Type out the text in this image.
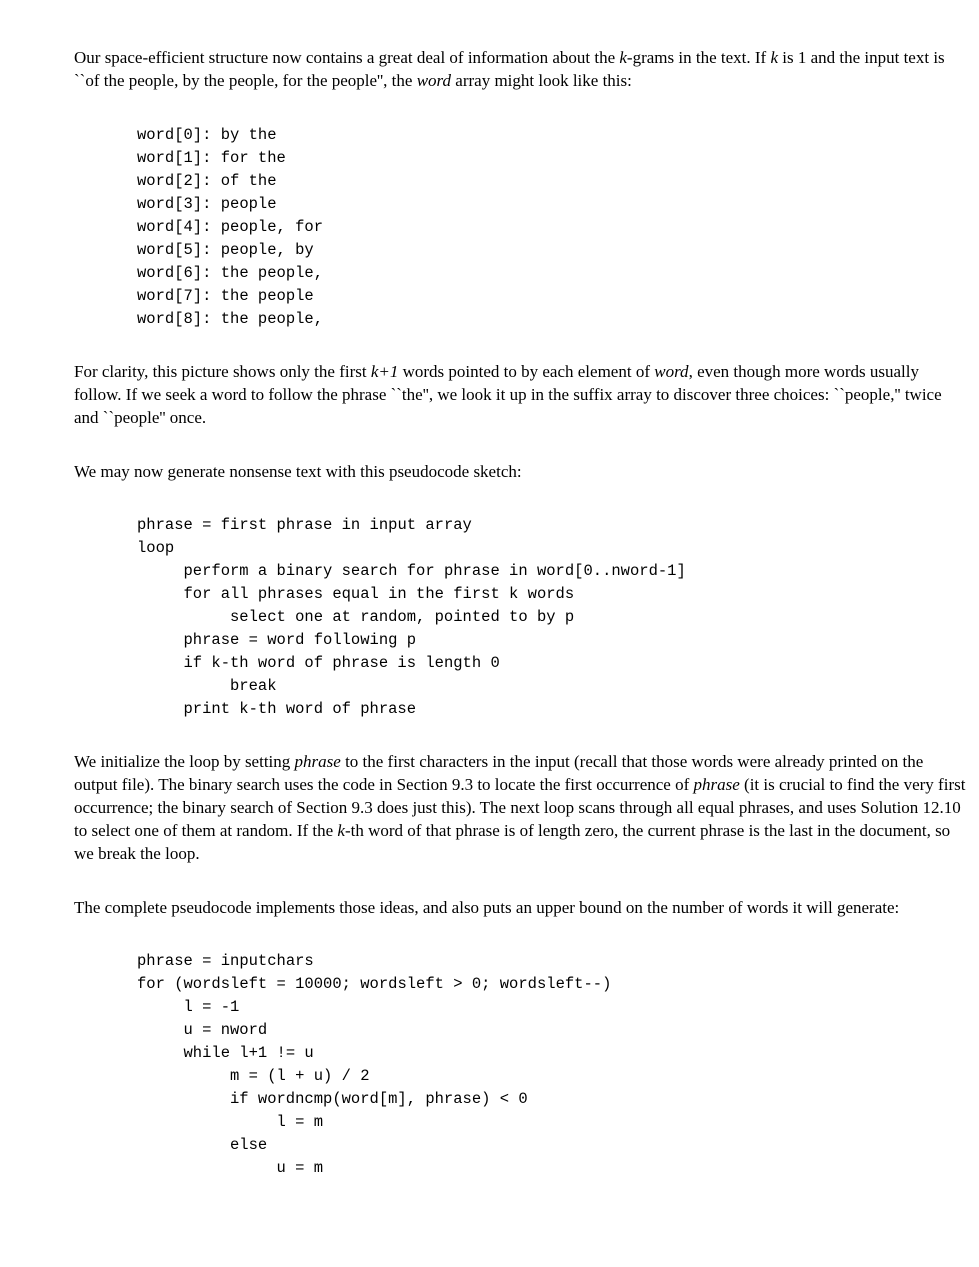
Our space-efficient structure now contains a great deal of information about the k-grams in the text. If k is 1 and the input text is ``of the people, by the people, for the people'', the word array might look like this:

word[0]: by the
word[1]: for the
word[2]: of the
word[3]: people
word[4]: people, for
word[5]: people, by
word[6]: the people,
word[7]: the people
word[8]: the people,

For clarity, this picture shows only the first k+1 words pointed to by each element of word, even though more words usually follow. If we seek a word to follow the phrase ``the'', we look it up in the suffix array to discover three choices: ``people,'' twice and ``people'' once.

We may now generate nonsense text with this pseudocode sketch:

phrase = first phrase in input array
loop
perform a binary search for phrase in word[0..nword-1]
for all phrases equal in the first k words
select one at random, pointed to by p
phrase = word following p
if k-th word of phrase is length 0
break
print k-th word of phrase

We initialize the loop by setting phrase to the first characters in the input (recall that those words were already printed on the output file). The binary search uses the code in Section 9.3 to locate the first occurrence of phrase (it is crucial to find the very first occurrence; the binary search of Section 9.3 does just this). The next loop scans through all equal phrases, and uses Solution 12.10 to select one of them at random. If the k-th word of that phrase is of length zero, the current phrase is the last in the document, so we break the loop.

The complete pseudocode implements those ideas, and also puts an upper bound on the number of words it will generate:

phrase = inputchars
for (wordsleft = 10000; wordsleft > 0; wordsleft--)
l = -1
u = nword
while l+1 != u
m = (l + u) / 2
if wordncmp(word[m], phrase) < 0
l = m
else
u = m
